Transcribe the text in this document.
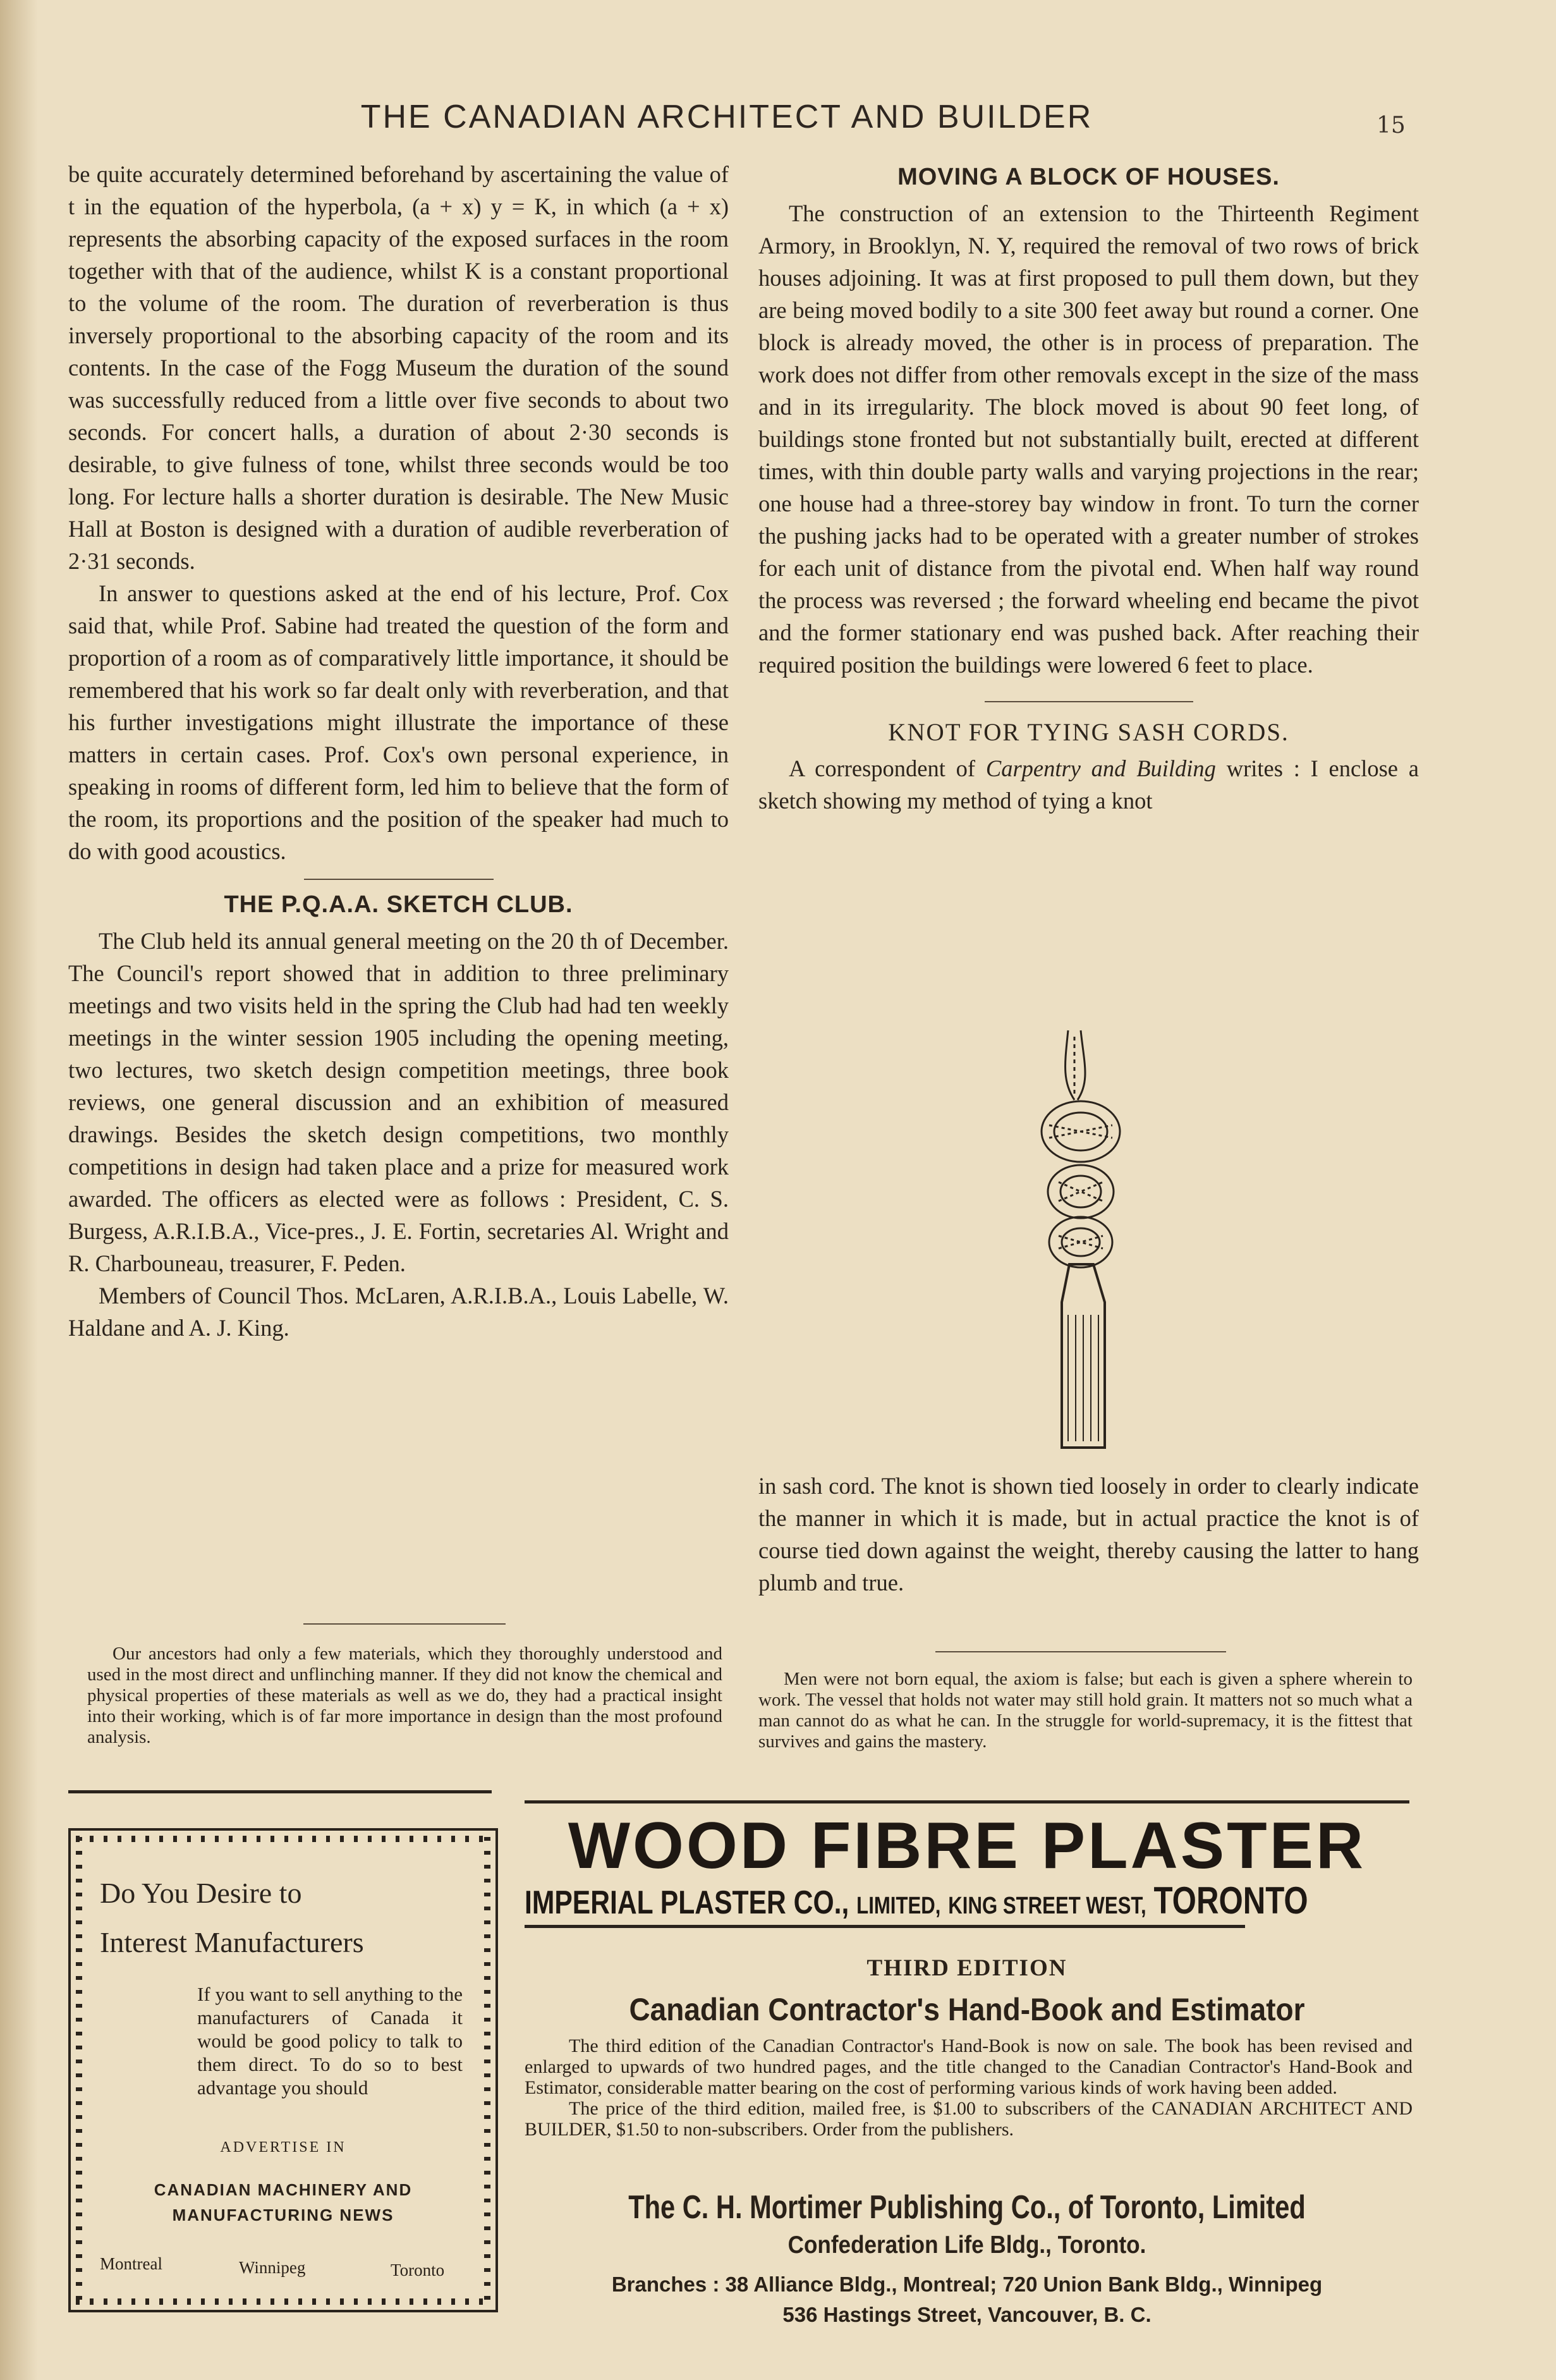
THE CANADIAN ARCHITECT AND BUILDER	15

be quite accurately determined beforehand by ascertaining the value of t in the equation of the hyperbola, (a + x) y = K, in which (a + x) represents the absorbing capacity of the exposed surfaces in the room together with that of the audience, whilst K is a constant proportional to the volume of the room. The duration of reverberation is thus inversely proportional to the absorbing capacity of the room and its contents. In the case of the Fogg Museum the duration of the sound was successfully reduced from a little over five seconds to about two seconds. For concert halls, a duration of about 2·30 seconds is desirable, to give fulness of tone, whilst three seconds would be too long. For lecture halls a shorter duration is desirable. The New Music Hall at Boston is designed with a duration of audible reverberation of 2·31 seconds.

In answer to questions asked at the end of his lecture, Prof. Cox said that, while Prof. Sabine had treated the question of the form and proportion of a room as of comparatively little importance, it should be remembered that his work so far dealt only with reverberation, and that his further investigations might illustrate the importance of these matters in certain cases. Prof. Cox's own personal experience, in speaking in rooms of different form, led him to believe that the form of the room, its proportions and the position of the speaker had much to do with good acoustics.

THE P.Q.A.A. SKETCH CLUB.

The Club held its annual general meeting on the 20 th of December. The Council's report showed that in addition to three preliminary meetings and two visits held in the spring the Club had had ten weekly meetings in the winter session 1905 including the opening meeting, two lectures, two sketch design competition meetings, three book reviews, one general discussion and an exhibition of measured drawings. Besides the sketch design competitions, two monthly competitions in design had taken place and a prize for measured work awarded. The officers as elected were as follows : President, C. S. Burgess, A.R.I.B.A., Vice-pres., J. E. Fortin, secretaries Al. Wright and R. Charbouneau, treasurer, F. Peden.

Members of Council Thos. McLaren, A.R.I.B.A., Louis Labelle, W. Haldane and A. J. King.

Our ancestors had only a few materials, which they thoroughly understood and used in the most direct and unflinching manner. If they did not know the chemical and physical properties of these materials as well as we do, they had a practical insight into their working, which is of far more importance in design than the most profound analysis.

MOVING A BLOCK OF HOUSES.

The construction of an extension to the Thirteenth Regiment Armory, in Brooklyn, N. Y, required the removal of two rows of brick houses adjoining. It was at first proposed to pull them down, but they are being moved bodily to a site 300 feet away but round a corner. One block is already moved, the other is in process of preparation. The work does not differ from other removals except in the size of the mass and in its irregularity. The block moved is about 90 feet long, of buildings stone fronted but not substantially built, erected at different times, with thin double party walls and varying projections in the rear; one house had a three-storey bay window in front. To turn the corner the pushing jacks had to be operated with a greater number of strokes for each unit of distance from the pivotal end. When half way round the process was reversed ; the forward wheeling end became the pivot and the former stationary end was pushed back. After reaching their required position the buildings were lowered 6 feet to place.

KNOT FOR TYING SASH CORDS.

A correspondent of Carpentry and Building writes : I enclose a sketch showing my method of tying a knot

in sash cord. The knot is shown tied loosely in order to clearly indicate the manner in which it is made, but in actual practice the knot is of course tied down against the weight, thereby causing the latter to hang plumb and true.

Men were not born equal, the axiom is false; but each is given a sphere wherein to work. The vessel that holds not water may still hold grain. It matters not so much what a man cannot do as what he can. In the struggle for world-supremacy, it is the fittest that survives and gains the mastery.

Do You Desire to
Interest Manufacturers
If you want to sell anything to the manufacturers of Canada it would be good policy to talk to them direct. To do so to best advantage you should
ADVERTISE IN
CANADIAN MACHINERY AND
MANUFACTURING NEWS
Montreal	Winnipeg	Toronto
WOOD FIBRE PLASTER
IMPERIAL PLASTER CO., LIMITED, KING STREET WEST, TORONTO
THIRD EDITION
Canadian Contractor's Hand-Book and Estimator

The third edition of the Canadian Contractor's Hand-Book is now on sale. The book has been revised and enlarged to upwards of two hundred pages, and the title changed to the Canadian Contractor's Hand-Book and Estimator, considerable matter bearing on the cost of performing various kinds of work having been added.

The price of the third edition, mailed free, is $1.00 to subscribers of the CANADIAN ARCHITECT AND BUILDER, $1.50 to non-subscribers. Order from the publishers.

The C. H. Mortimer Publishing Co., of Toronto, Limited
Confederation Life Bldg., Toronto.
Branches : 38 Alliance Bldg., Montreal; 720 Union Bank Bldg., Winnipeg
536 Hastings Street, Vancouver, B. C.
